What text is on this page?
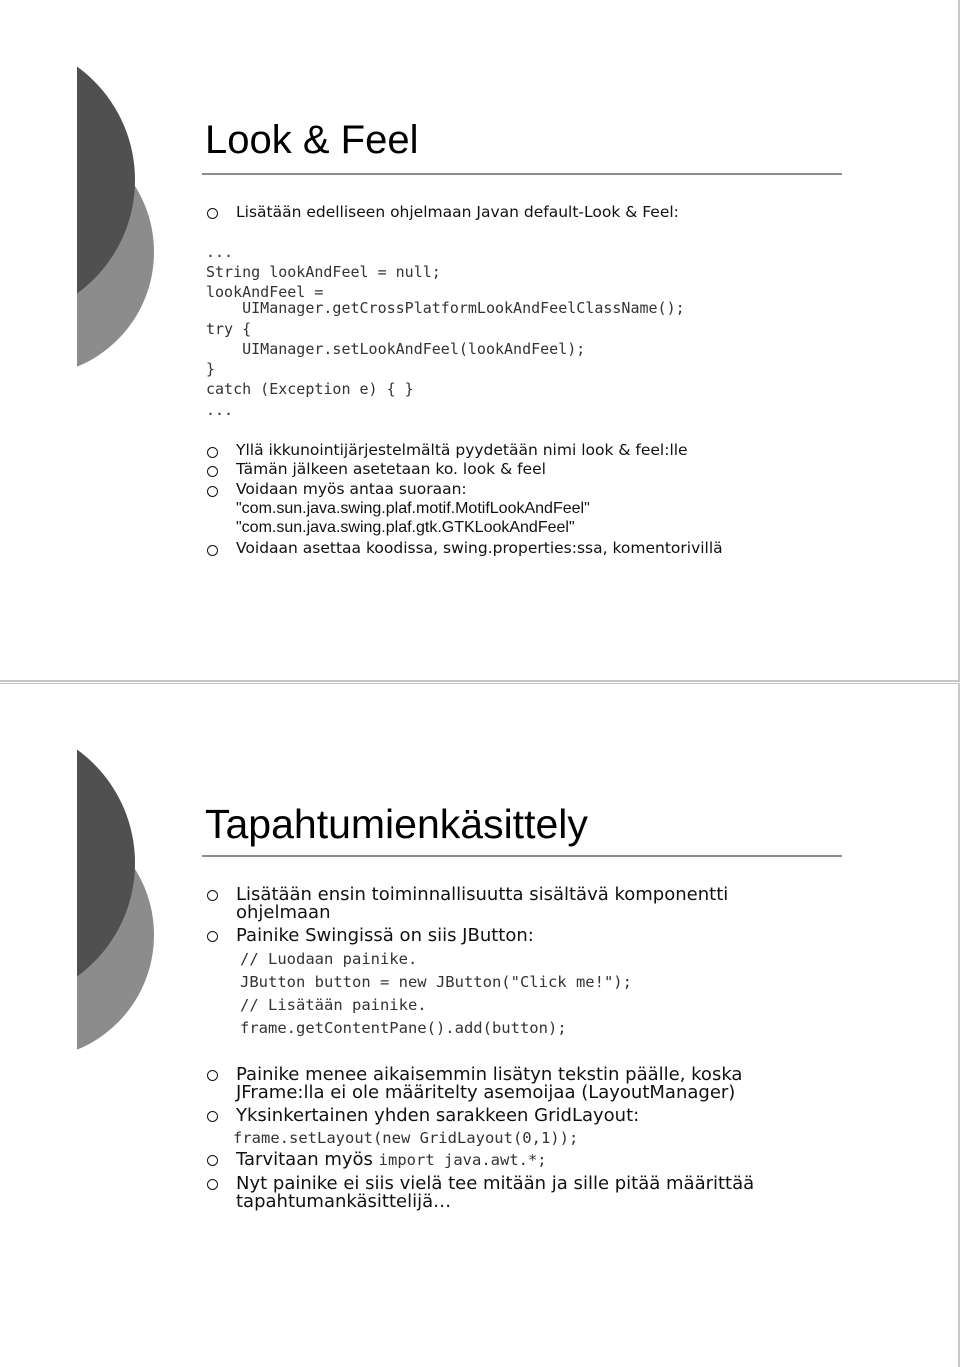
Look & Feel
Lisätään edelliseen ohjelmaan Javan default-Look & Feel:
...
String lookAndFeel = null;
lookAndFeel =
UIManager.getCrossPlatformLookAndFeelClassName();
try {
UIManager.setLookAndFeel(lookAndFeel);
}
catch (Exception e) { }
...
Yllä ikkunointijärjestelmältä pyydetään nimi look & feel:lle
Tämän jälkeen asetetaan ko. look & feel
Voidaan myös antaa suoraan:
"com.sun.java.swing.plaf.motif.MotifLookAndFeel"
"com.sun.java.swing.plaf.gtk.GTKLookAndFeel"
Voidaan asettaa koodissa, swing.properties:ssa, komentorivillä
Tapahtumienkäsittely
Lisätään ensin toiminnallisuutta sisältävä komponentti
ohjelmaan
Painike Swingissä on siis JButton:
// Luodaan painike.
JButton button = new JButton("Click me!");
// Lisätään painike.
frame.getContentPane().add(button);
Painike menee aikaisemmin lisätyn tekstin päälle, koska
JFrame:lla ei ole määritelty asemoijaa (LayoutManager)
Yksinkertainen yhden sarakkeen GridLayout:
frame.setLayout(new GridLayout(0,1));
Tarvitaan myös import java.awt.*;
Nyt painike ei siis vielä tee mitään ja sille pitää määrittää
tapahtumankäsittelijä…
